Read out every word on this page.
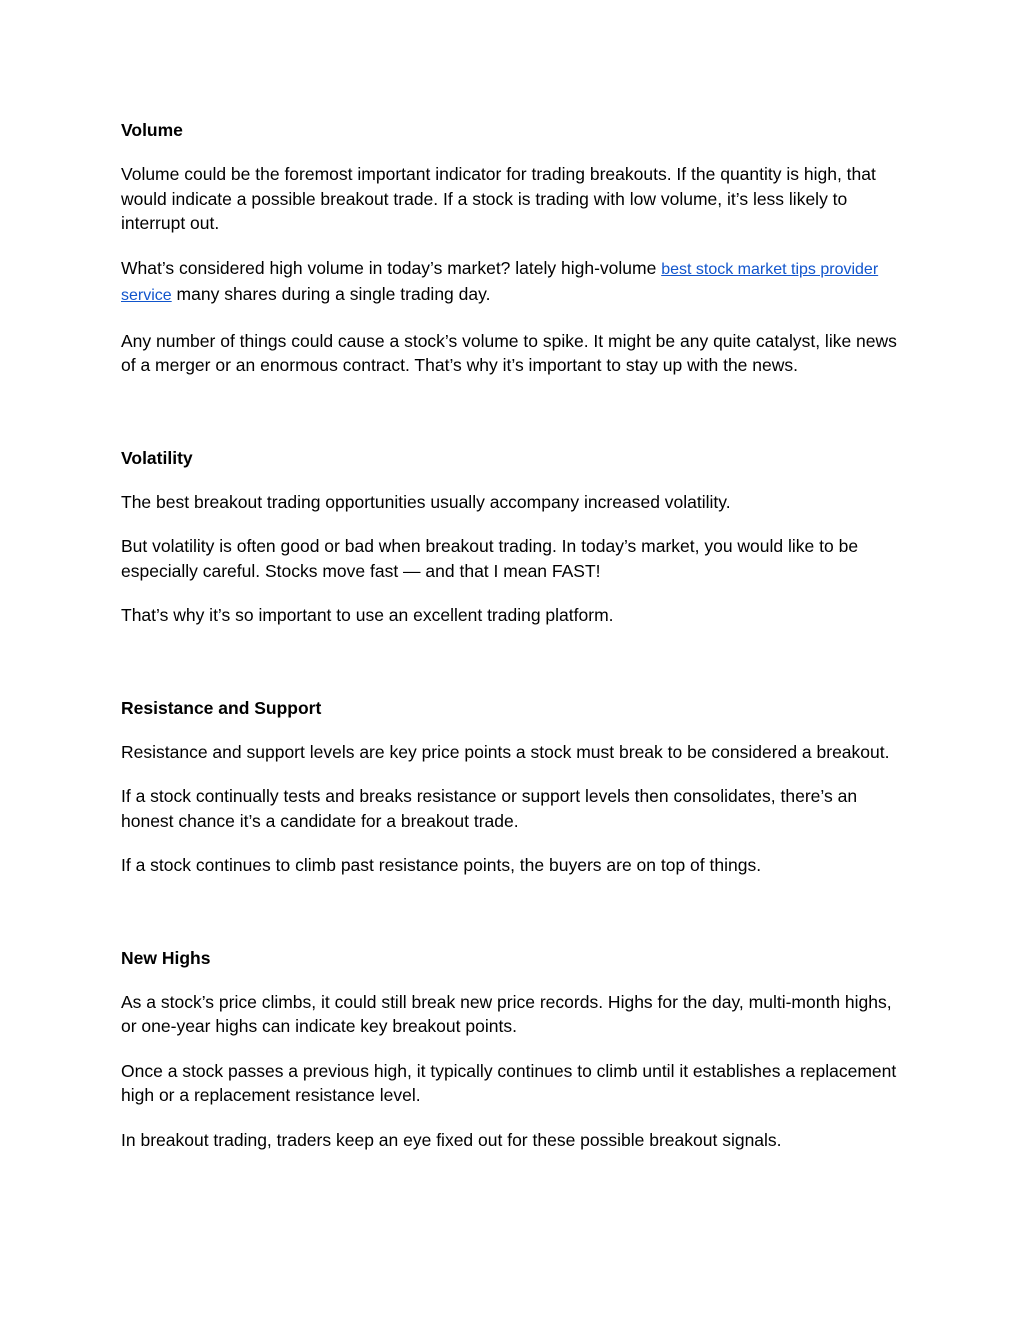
Volume

Volume could be the foremost important indicator for trading breakouts. If the quantity is high, that would indicate a possible breakout trade. If a stock is trading with low volume, it’s less likely to interrupt out.

What’s considered high volume in today’s market? lately high-volume best stock market tips provider service many shares during a single trading day.

Any number of things could cause a stock’s volume to spike. It might be any quite catalyst, like news of a merger or an enormous contract. That’s why it’s important to stay up with the news.

Volatility

The best breakout trading opportunities usually accompany increased volatility.

But volatility is often good or bad when breakout trading. In today’s market, you would like to be especially careful. Stocks move fast — and that I mean FAST!

That’s why it’s so important to use an excellent trading platform.

Resistance and Support

Resistance and support levels are key price points a stock must break to be considered a breakout.

If a stock continually tests and breaks resistance or support levels then consolidates, there’s an honest chance it’s a candidate for a breakout trade.

If a stock continues to climb past resistance points, the buyers are on top of things.

New Highs

As a stock’s price climbs, it could still break new price records. Highs for the day, multi-month highs, or one-year highs can indicate key breakout points.

Once a stock passes a previous high, it typically continues to climb until it establishes a replacement high or a replacement resistance level.

In breakout trading, traders keep an eye fixed out for these possible breakout signals.
